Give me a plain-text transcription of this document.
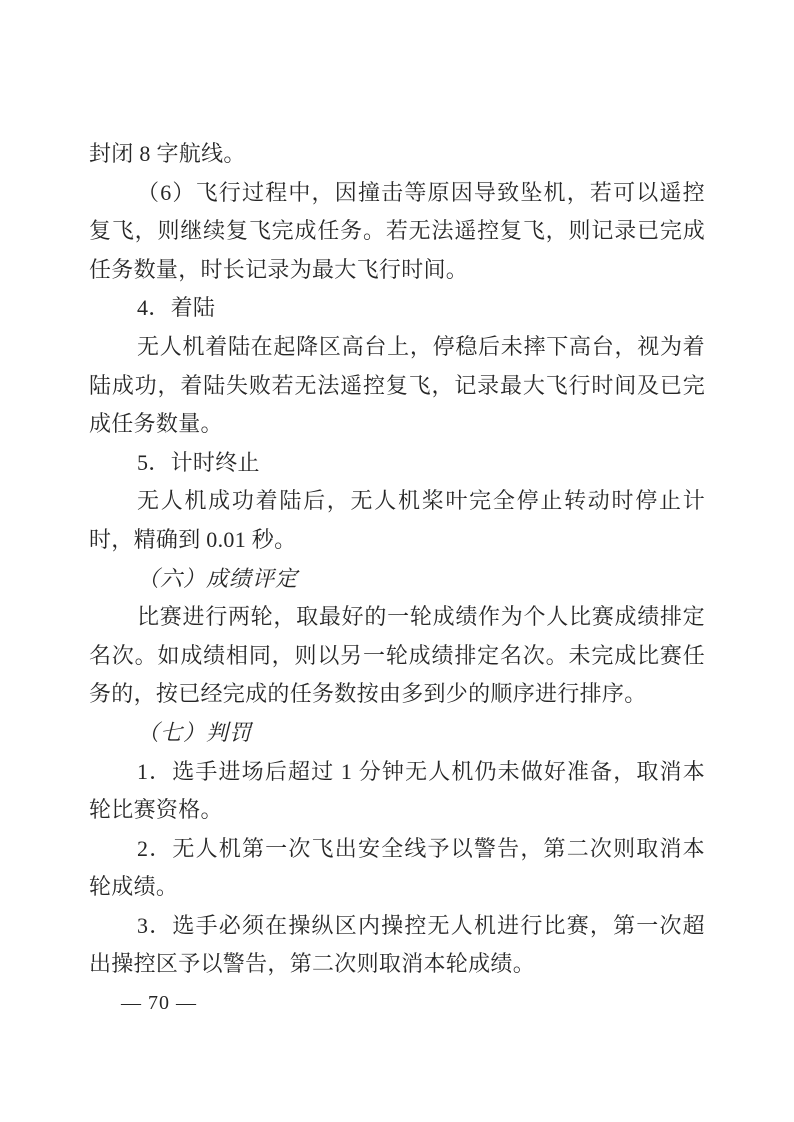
封闭 8 字航线。
（6）飞行过程中，因撞击等原因导致坠机，若可以遥控
复飞，则继续复飞完成任务。若无法遥控复飞，则记录已完成
任务数量，时长记录为最大飞行时间。
4．着陆
无人机着陆在起降区高台上，停稳后未摔下高台，视为着
陆成功，着陆失败若无法遥控复飞，记录最大飞行时间及已完
成任务数量。
5．计时终止
无人机成功着陆后，无人机桨叶完全停止转动时停止计
时，精确到 0.01 秒。
（六）成绩评定
比赛进行两轮，取最好的一轮成绩作为个人比赛成绩排定
名次。如成绩相同，则以另一轮成绩排定名次。未完成比赛任
务的，按已经完成的任务数按由多到少的顺序进行排序。
（七）判罚
1．选手进场后超过 1 分钟无人机仍未做好准备，取消本
轮比赛资格。
2．无人机第一次飞出安全线予以警告，第二次则取消本
轮成绩。
3．选手必须在操纵区内操控无人机进行比赛，第一次超
出操控区予以警告，第二次则取消本轮成绩。
— 70 —
